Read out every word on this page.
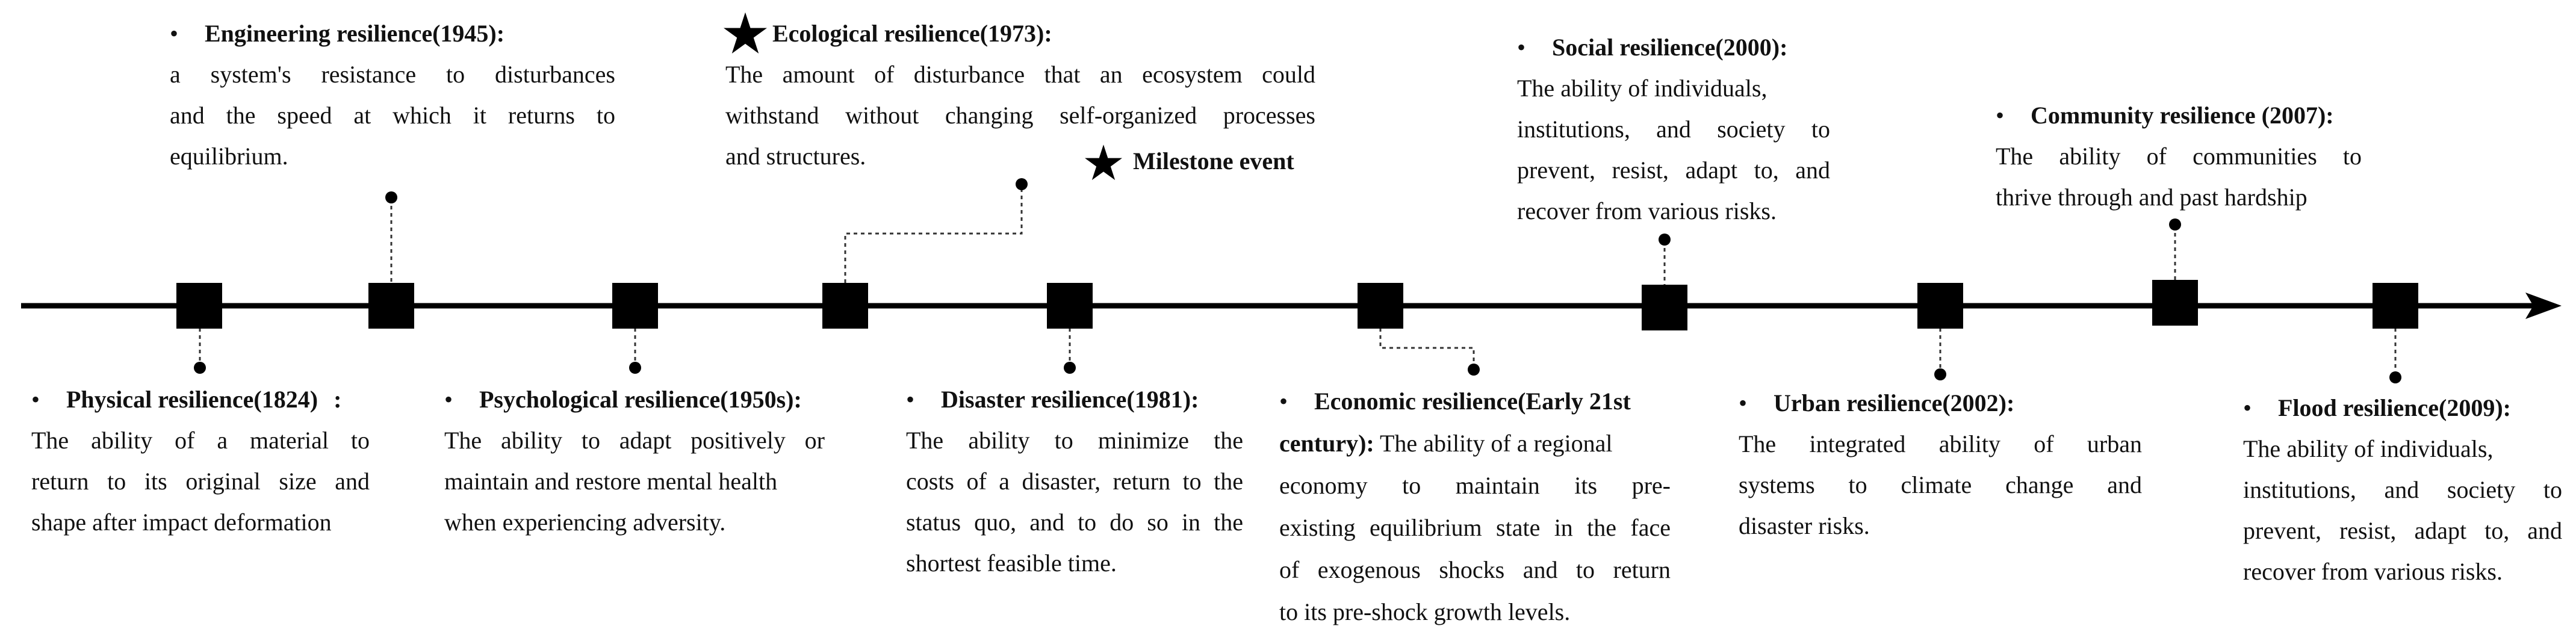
Milestone event
• Engineering resilience(1945):
a system's resistance to disturbances
and the speed at which it returns to
equilibrium.
Ecological resilience(1973):
The amount of disturbance that an ecosystem could
withstand without changing self-organized processes
and structures.
• Social resilience(2000):
The ability of individuals,
institutions, and society to
prevent, resist, adapt to, and
recover from various risks.
• Community resilience (2007):
The ability of communities to
thrive through and past hardship
• Physical resilience(1824) :
The ability of a material to
return to its original size and
shape after impact deformation
• Psychological resilience(1950s):
The ability to adapt positively or
maintain and restore mental health
when experiencing adversity.
• Disaster resilience(1981):
The ability to minimize the
costs of a disaster, return to the
status quo, and to do so in the
shortest feasible time.
• Economic resilience(Early 21st
century): The ability of a regional
economy to maintain its pre-
existing equilibrium state in the face
of exogenous shocks and to return
to its pre-shock growth levels.
• Urban resilience(2002):
The integrated ability of urban
systems to climate change and
disaster risks.
• Flood resilience(2009):
The ability of individuals,
institutions, and society to
prevent, resist, adapt to, and
recover from various risks.
